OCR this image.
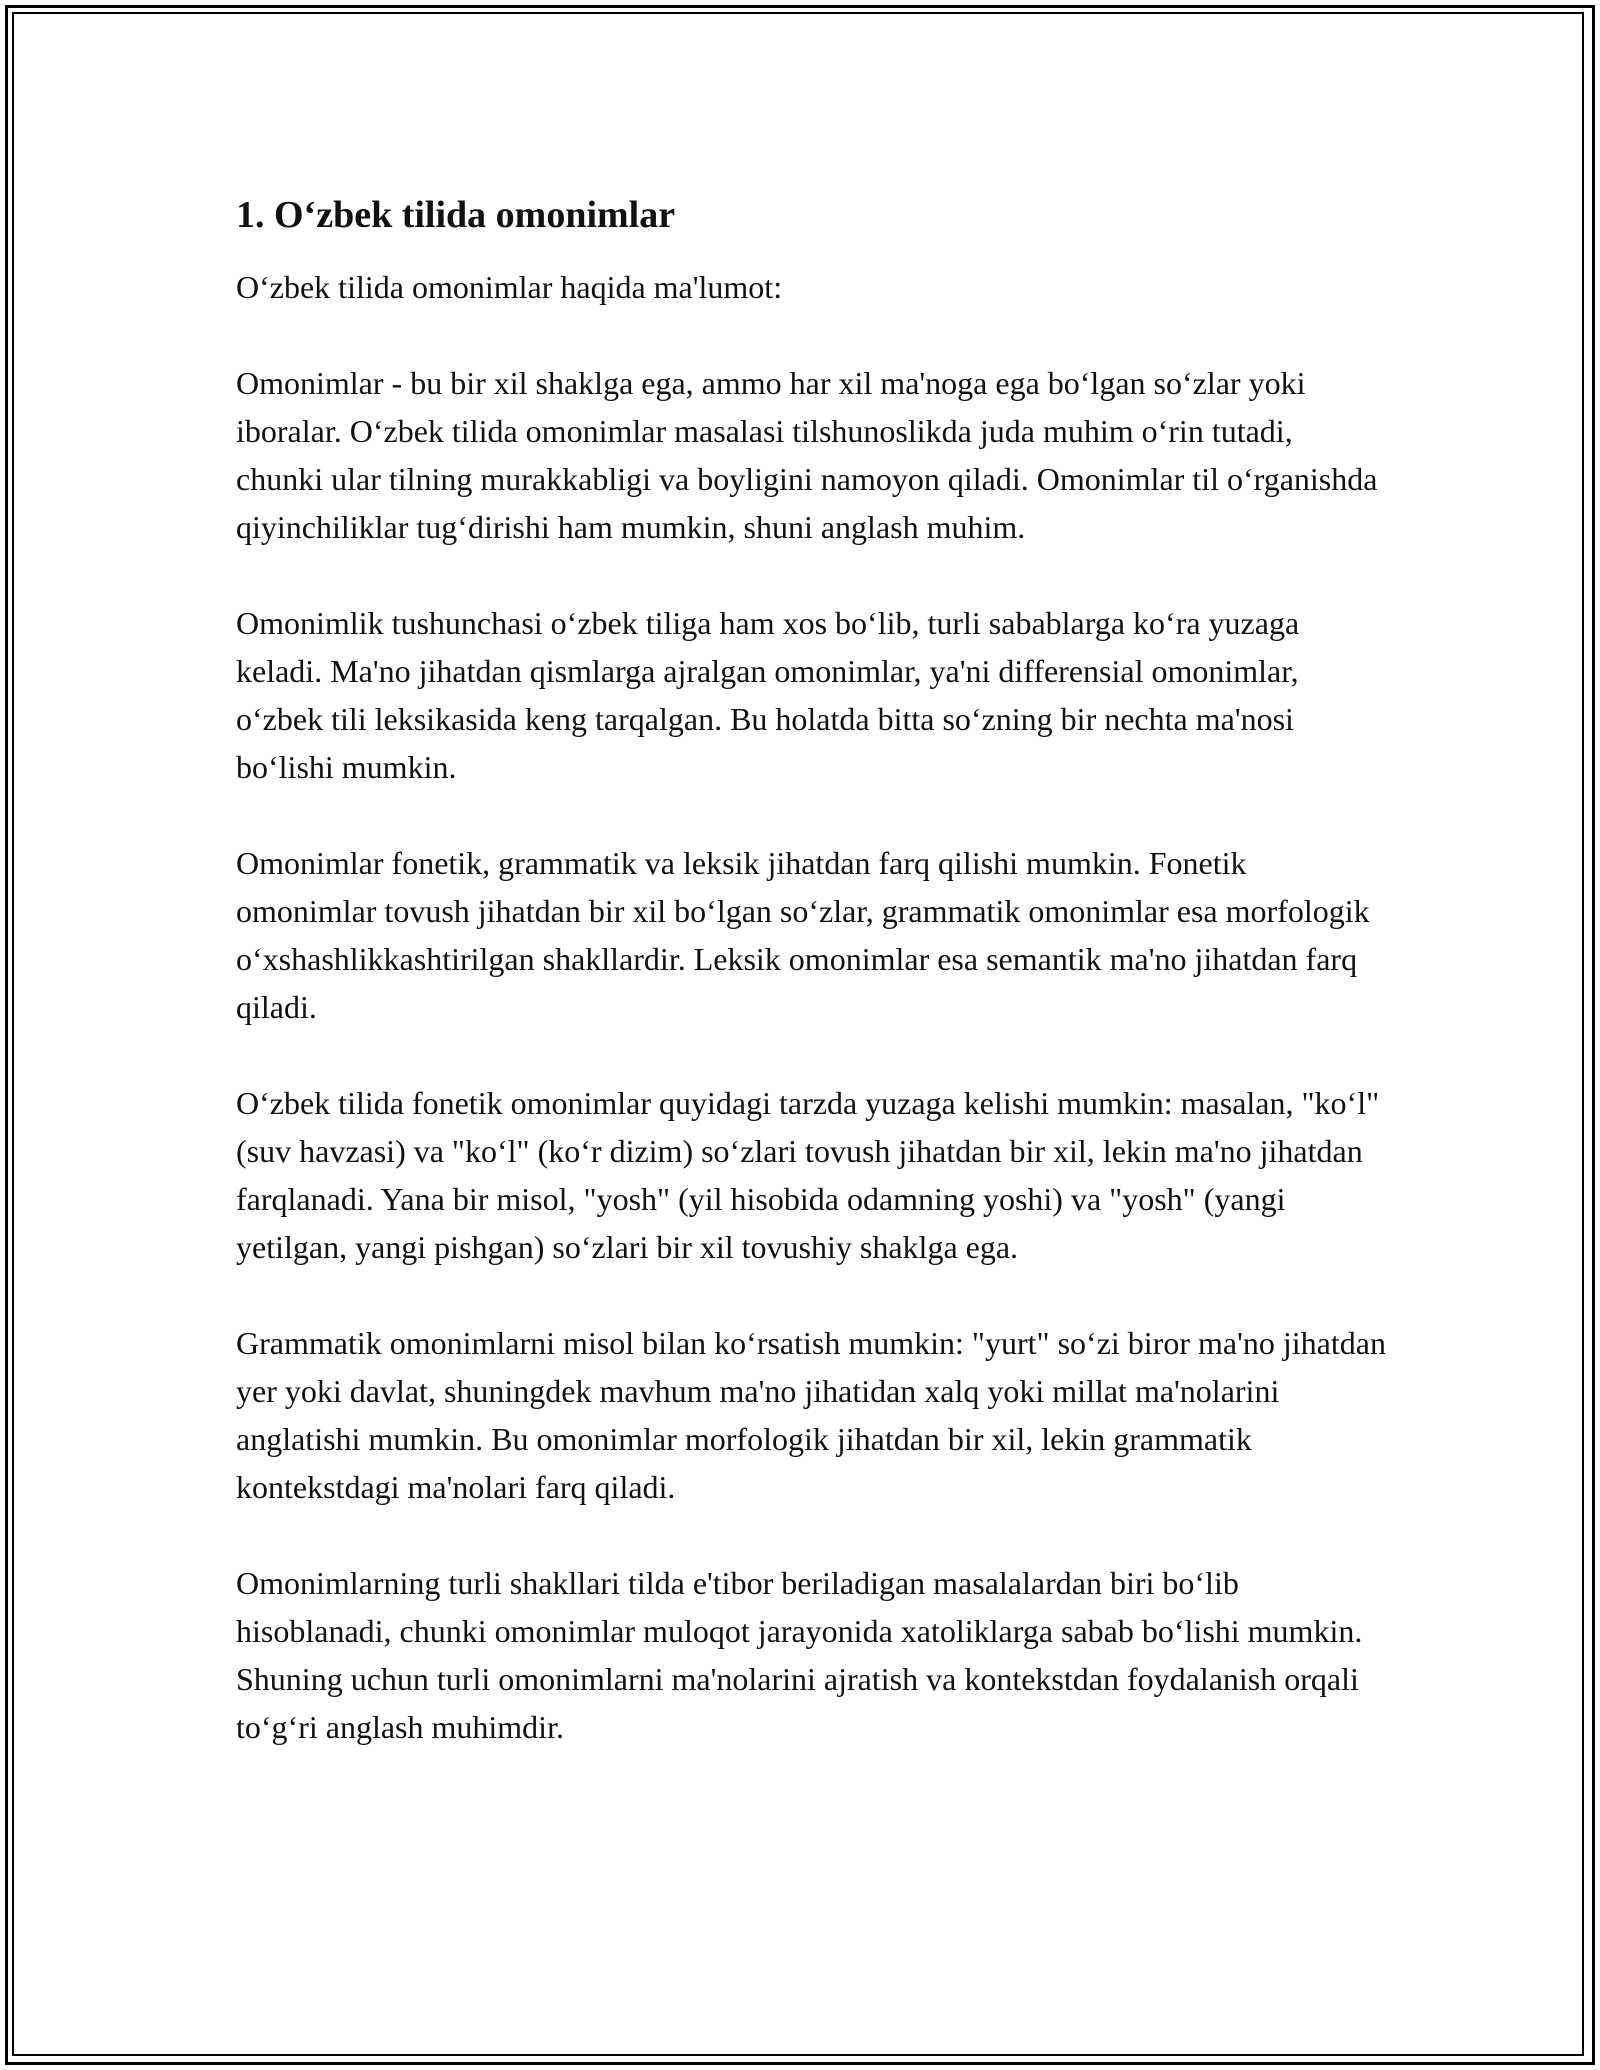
1. Oʻzbek tilida omonimlar

Oʻzbek tilida omonimlar haqida ma'lumot:

Omonimlar - bu bir xil shaklga ega, ammo har xil ma'noga ega boʻlgan soʻzlar yoki iboralar. Oʻzbek tilida omonimlar masalasi tilshunoslikda juda muhim oʻrin tutadi, chunki ular tilning murakkabligi va boyligini namoyon qiladi. Omonimlar til oʻrganishda qiyinchiliklar tugʻdirishi ham mumkin, shuni anglash muhim.

Omonimlik tushunchasi oʻzbek tiliga ham xos boʻlib, turli sabablarga koʻra yuzaga keladi. Ma'no jihatdan qismlarga ajralgan omonimlar, ya'ni differensial omonimlar, oʻzbek tili leksikasida keng tarqalgan. Bu holatda bitta soʻzning bir nechta ma'nosi boʻlishi mumkin.

Omonimlar fonetik, grammatik va leksik jihatdan farq qilishi mumkin. Fonetik omonimlar tovush jihatdan bir xil boʻlgan soʻzlar, grammatik omonimlar esa morfologik oʻxshashlikkashtirilgan shakllardir. Leksik omonimlar esa semantik ma'no jihatdan farq qiladi.

Oʻzbek tilida fonetik omonimlar quyidagi tarzda yuzaga kelishi mumkin: masalan, "koʻl" (suv havzasi) va "koʻl" (koʻr dizim) soʻzlari tovush jihatdan bir xil, lekin ma'no jihatdan farqlanadi. Yana bir misol, "yosh" (yil hisobida odamning yoshi) va "yosh" (yangi yetilgan, yangi pishgan) soʻzlari bir xil tovushiy shaklga ega.

Grammatik omonimlarni misol bilan koʻrsatish mumkin: "yurt" soʻzi biror ma'no jihatdan yer yoki davlat, shuningdek mavhum ma'no jihatidan xalq yoki millat ma'nolarini anglatishi mumkin. Bu omonimlar morfologik jihatdan bir xil, lekin grammatik kontekstdagi ma'nolari farq qiladi.

Omonimlarning turli shakllari tilda e'tibor beriladigan masalalardan biri boʻlib hisoblanadi, chunki omonimlar muloqot jarayonida xatoliklarga sabab boʻlishi mumkin. Shuning uchun turli omonimlarni ma'nolarini ajratish va kontekstdan foydalanish orqali toʻgʻri anglash muhimdir.
